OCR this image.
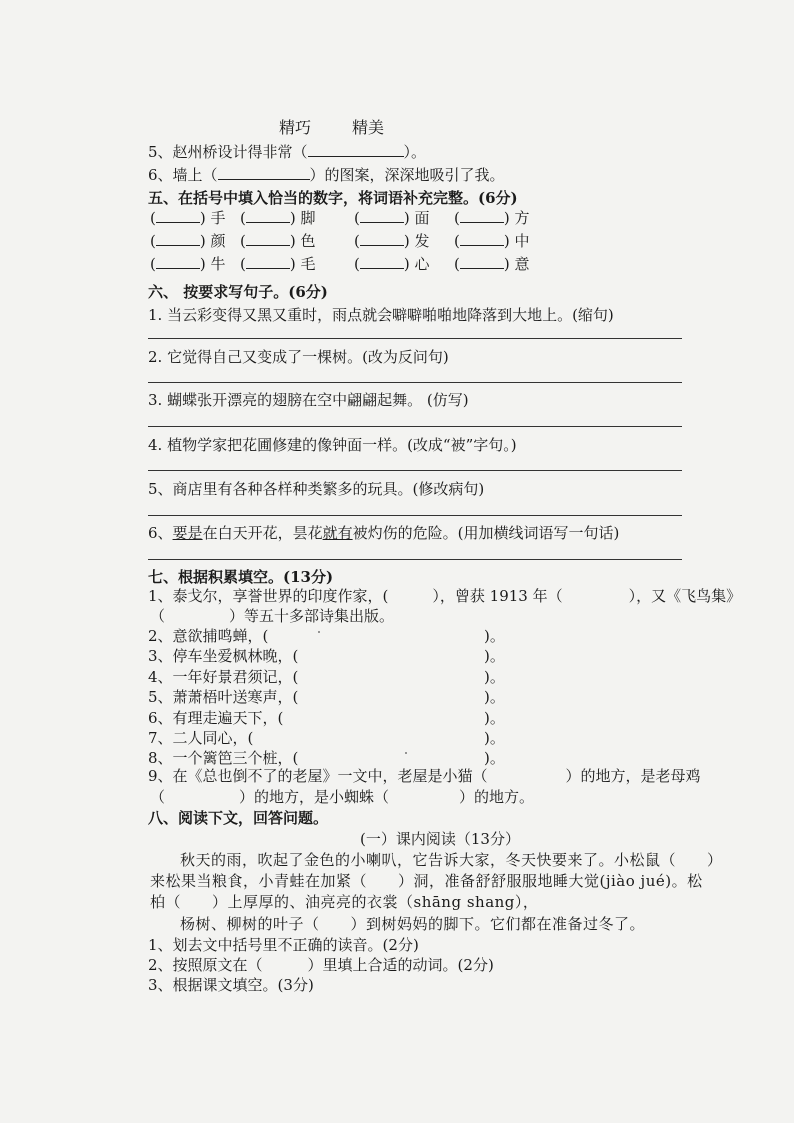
精巧	精美
5、赵州桥设计得非常（	）。
6、墙上（	）的图案，深深地吸引了我。
五、在括号中填入恰当的数字，将词语补充完整。(6分)
(	) 手 (	) 脚	(	) 面 (	) 方
(	) 颜 (	) 色	(	) 发 (	) 中
(	) 牛 (	) 毛	(	) 心 (	) 意
六、 按要求写句子。(6分)
1. 当云彩变得又黑又重时，雨点就会噼噼啪啪地降落到大地上。(缩句)
2. 它觉得自己又变成了一棵树。(改为反问句)
3. 蝴蝶张开漂亮的翅膀在空中翩翩起舞。 (仿写)
4. 植物学家把花圃修建的像钟面一样。(改成“被”字句。)
5、商店里有各种各样种类繁多的玩具。(修改病句)
6、要是在白天开花，昙花就有被灼伤的危险。(用加横线词语写一句话)
七、根据积累填空。(13分)
1、泰戈尔，享誉世界的印度作家，(	），曾获 1913 年（	），又《飞鸟集》
（	）等五十多部诗集出版。
2、意欲捕鸣蝉，(	)。
3、停车坐爱枫林晚，(	)。
4、一年好景君须记，(	)。
5、萧萧梧叶送寒声，(	)。
6、有理走遍天下，(	)。
7、二人同心，(	)。
8、一个篱笆三个桩，(	)。
9、在《总也倒不了的老屋》一文中，老屋是小猫（	）的地方，是老母鸡
（	）的地方，是小蜘蛛（	）的地方。
八、阅读下文，回答问题。
(一）课内阅读（13分）
秋天的雨，吹起了金色的小喇叭，它告诉大家，冬天快要来了。小松鼠（　　）
来松果当粮食，小青蛙在加紧（　　）洞，准备舒舒服服地睡大觉(jiào jué)。松
柏（　　）上厚厚的、油亮亮的衣裳（shāng shang），
杨树、柳树的叶子（　　）到树妈妈的脚下。它们都在准备过冬了。
1、划去文中括号里不正确的读音。(2分)
2、按照原文在（　　　）里填上合适的动词。(2分)
3、根据课文填空。(3分)
